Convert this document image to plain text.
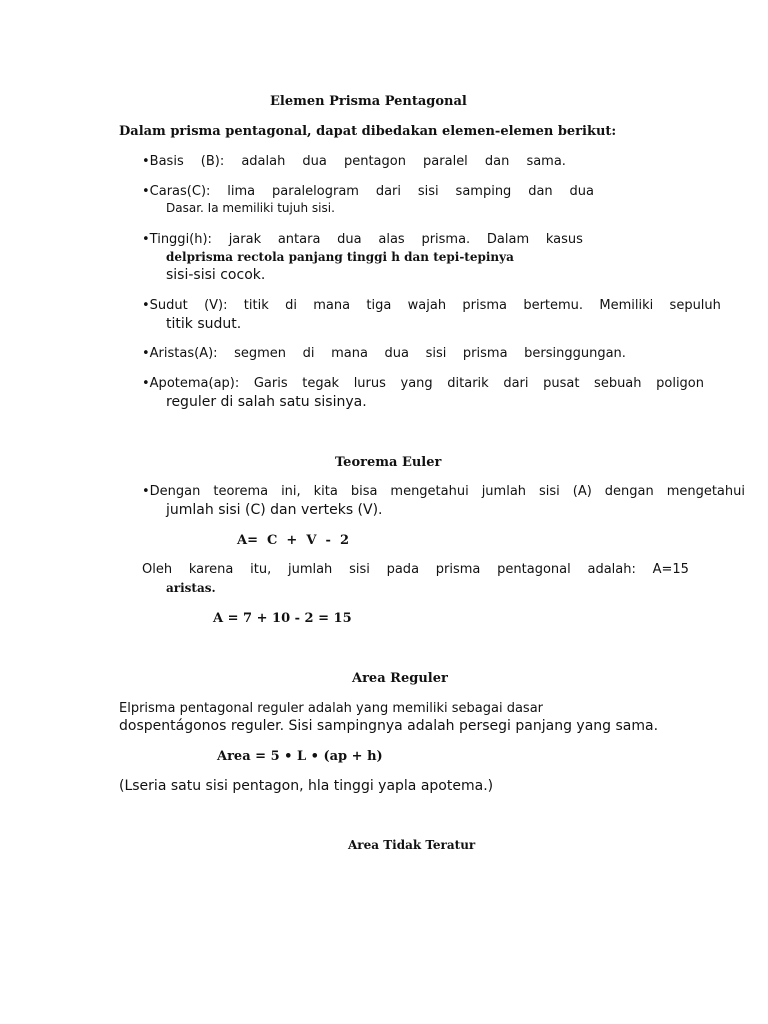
Elemen Prisma Pentagonal
Dalam prisma pentagonal, dapat dibedakan elemen-elemen berikut:
•Basis (B): adalah dua pentagon paralel dan sama.
•Caras(C): lima paralelogram dari sisi samping dan dua
Dasar. Ia memiliki tujuh sisi.
•Tinggi(h): jarak antara dua alas prisma. Dalam kasus
delprisma rectola panjang tinggi h dan tepi-tepinya
sisi-sisi cocok.
•Sudut (V): titik di mana tiga wajah prisma bertemu. Memiliki sepuluh
titik sudut.
•Aristas(A): segmen di mana dua sisi prisma bersinggungan.
•Apotema(ap): Garis tegak lurus yang ditarik dari pusat sebuah poligon
reguler di salah satu sisinya.
Teorema Euler
•Dengan teorema ini, kita bisa mengetahui jumlah sisi (A) dengan mengetahui
jumlah sisi (C) dan verteks (V).
A=  C  +  V  -  2
Oleh karena itu, jumlah sisi pada prisma pentagonal adalah: A=15
aristas.
A = 7 + 10 - 2 = 15
Area Reguler
Elprisma pentagonal reguler adalah yang memiliki sebagai dasar
dospentágonos reguler. Sisi sampingnya adalah persegi panjang yang sama.
Area = 5 • L • (ap + h)
(Lseria satu sisi pentagon, hla tinggi yapla apotema.)
Area Tidak Teratur
